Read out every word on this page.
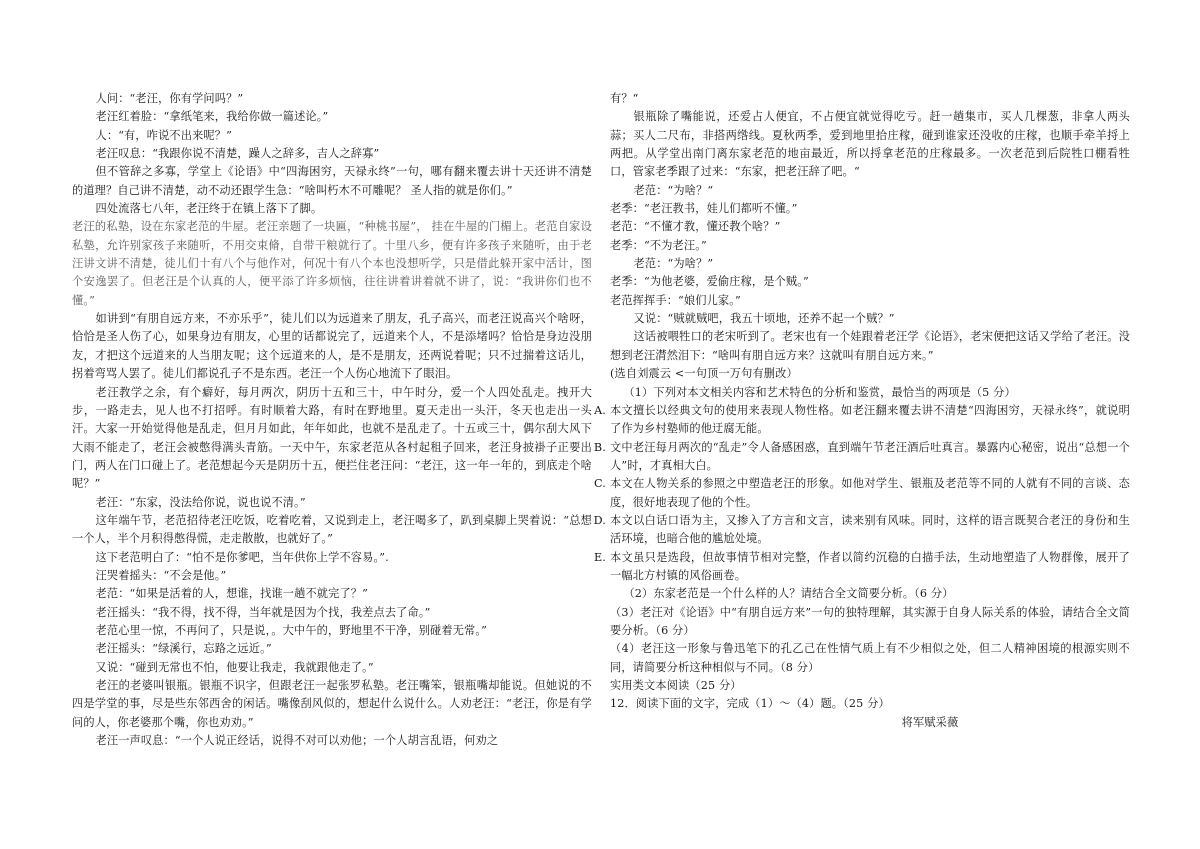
人问：“老汪，你有学问吗？”

老汪红着脸：“拿纸笔来，我给你做一篇述论。”

人：“有，咋说不出来呢？”

老汪叹息：“我跟你说不清楚，躁人之辞多，吉人之辞寡”

但不管辞之多寡，学堂上《论语》中“四海困穷，天禄永终”一句，哪有翻来覆去讲十天还讲不清楚的道理？自己讲不清楚，动不动还跟学生急：“啥叫朽木不可雕呢？ 圣人指的就是你们。”

四处流落七八年，老汪终于在镇上落下了脚。

老汪的私塾，设在东家老范的牛屋。老汪亲题了一块匾，“种桃书屋”， 挂在牛屋的门楣上。老范自家设私塾，允许别家孩子来随听，不用交束脩，自带干粮就行了。十里八乡，便有许多孩子来随听，由于老汪讲文讲不清楚，徒儿们十有八个与他作对，何况十有八个本也没想听学，只是借此躲开家中活计，图个安逸罢了。但老汪是个认真的人，便平添了许多烦恼，往往讲着讲着就不讲了，说：“我讲你们也不懂。”

如讲到“有朋自远方来，不亦乐乎”，徒儿们以为远道来了朋友，孔子高兴，而老汪说高兴个啥呀，恰恰是圣人伤了心，如果身边有朋友，心里的话都说完了，远道来个人，不是添堵吗？恰恰是身边没朋友，才把这个远道来的人当朋友呢；这个远道来的人，是不是朋友，还两说着呢；只不过揣着这话儿，拐着弯骂人罢了。徒儿们都说孔子不是东西。老汪一个人伤心地流下了眼泪。

老汪教学之余，有个癖好，每月两次，阴历十五和三十，中午时分，爱一个人四处乱走。拽开大步，一路走去，见人也不打招呼。有时顺着大路，有时在野地里。夏天走出一头汗，冬天也走出一头汗。大家一开始觉得他是乱走，但月月如此，年年如此，也就不是乱走了。十五或三十，偶尔刮大风下大雨不能走了，老汪会被憋得满头青筋。一天中午，东家老范从各村起租子回来，老汪身披褂子正要出门，两人在门口碰上了。老范想起今天是阴历十五，便拦住老汪问：“老汪，这一年一年的，到底走个啥呢？”

老汪：“东家，没法给你说，说也说不清。”

这年端午节，老范招待老汪吃饭，吃着吃着，又说到走上，老汪喝多了，趴到桌脚上哭着说：“总想一个人，半个月积得憋得慌，走走散散，也就好了。”

这下老范明白了：“怕不是你爹吧，当年供你上学不容易。”.

汪哭着摇头：“不会是他。”

老范：“如果是活着的人，想谁，找谁一趟不就完了？”

老汪摇头：“我不得，找不得，当年就是因为个找，我差点去了命。”

老范心里一惊，不再问了，只是说，。大中午的，野地里不干净，别碰着无常。”

老汪摇头：“绿溪行，忘路之远近。”

又说：“碰到无常也不怕，他要让我走，我就跟他走了。”

老汪的老婆叫银瓶。银瓶不识字，但跟老汪一起张罗私塾。老汪嘴笨，银瓶嘴却能说。但她说的不四是学堂的事，尽是些东邻西舍的闲话。嘴像刮风似的，想起什么说什么。人劝老汪：“老汪，你是有学问的人，你老婆那个嘴，你也劝劝。”

老汪一声叹息：“一个人说正经话，说得不对可以劝他；一个人胡言乱语，何劝之

有？“

银瓶除了嘴能说，还爱占人便宜，不占便宜就觉得吃亏。赶一趟集市，买人几棵葱，非拿人两头蒜；买人二尺布，非搭两绺线。夏秋两季，爱到地里拾庄稼，碰到谁家还没收的庄稼，也顺手牵羊捋上两把。从学堂出南门离东家老范的地亩最近，所以捋拿老范的庄稼最多。一次老范到后院牲口棚看牲口，管家老季跟了过来：“东家，把老汪辞了吧。“

老范：“为啥？“

老季：“老汪教书，娃儿们都听不懂。”

老范：“不懂才教，懂还教个啥？”

老季：“不为老汪。”

老范：“为啥？”

老季：“为他老婆，爱偷庄稼，是个贼。”

老范挥挥手：“娘们儿家。”

又说：“贼就贼吧，我五十顷地，还养不起一个贼？”

这话被喂牲口的老宋听到了。老宋也有一个娃跟着老汪学《论语》，老宋便把这话又学给了老汪。没想到老汪潸然泪下：“啥叫有朋自远方来？这就叫有朋自远方来。”

(选自刘震云 <一句顶一万句有删改）

（1）下列对本文相关内容和艺术特色的分析和鉴赏，最恰当的两项是（5 分）

A. 本文擅长以经典文句的使用来表现人物性格。如老汪翻来覆去讲不清楚“四海困穷，天禄永终”，就说明了作为乡村塾师的他迂腐无能。

B. 文中老汪每月两次的“乱走”令人备感困惑，直到端午节老汪酒后吐真言。暴露内心秘密，说出“总想一个人”时，才真相大白。

C. 本文在人物关系的参照之中塑造老汪的形象。如他对学生、银瓶及老范等不同的人就有不同的言谈、态度，很好地表现了他的个性。

D. 本文以白话口语为主，又掺入了方言和文言，读来别有风味。同时，这样的语言既契合老汪的身份和生活环境，也暗合他的尴尬处境。

E. 本文虽只是选段，但故事情节相对完整，作者以简约沉稳的白描手法，生动地塑造了人物群像，展开了一幅北方村镇的风俗画卷。

（2）东家老范是一个什么样的人？请结合全文简要分析。（6 分）

（3）老汪对《论语》中“有朋自远方来”一句的独特理解，其实源于自身人际关系的体验，请结合全文简要分析。（6 分）

（4）老汪这一形象与鲁迅笔下的孔乙己在性情气质上有不少相似之处，但二人精神困境的根源实则不同，请简要分析这种相似与不同。（8 分）

实用类文本阅读（25 分）

12．阅读下面的文字，完成（1）～（4）题。（25 分）

将军赋采薇
